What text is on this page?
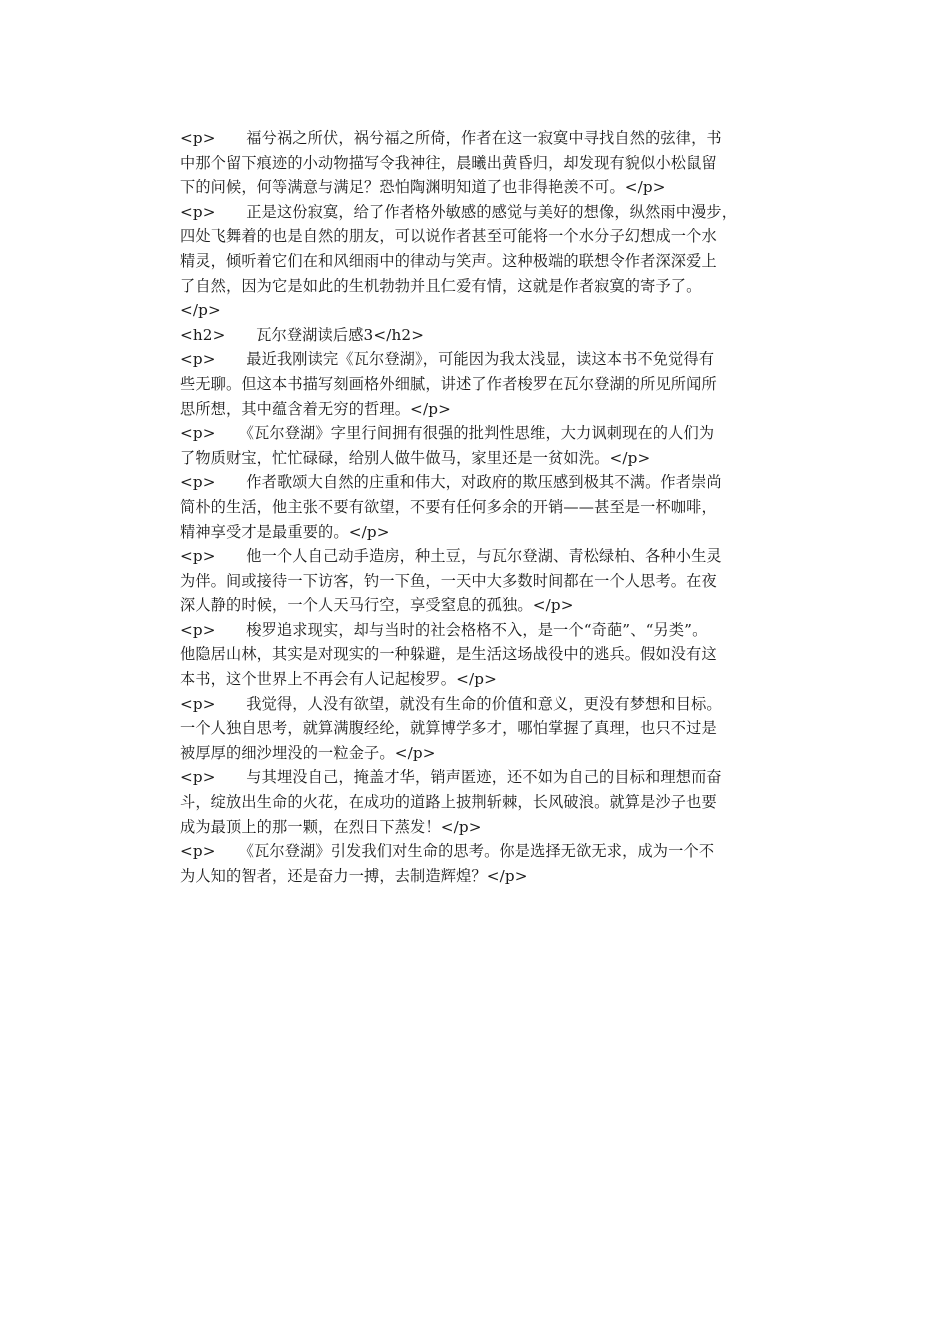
<p>　　福兮祸之所伏，祸兮福之所倚，作者在这一寂寞中寻找自然的弦律，书
中那个留下痕迹的小动物描写令我神往，晨曦出黄昏归，却发现有貌似小松鼠留
下的问候，何等满意与满足？恐怕陶渊明知道了也非得艳羡不可。</p>
<p>　　正是这份寂寞，给了作者格外敏感的感觉与美好的想像，纵然雨中漫步，
四处飞舞着的也是自然的朋友，可以说作者甚至可能将一个水分子幻想成一个水
精灵，倾听着它们在和风细雨中的律动与笑声。这种极端的联想令作者深深爱上
了自然，因为它是如此的生机勃勃并且仁爱有情，这就是作者寂寞的寄予了。
</p>
<h2>　　瓦尔登湖读后感3</h2>
<p>　　最近我刚读完《瓦尔登湖》，可能因为我太浅显，读这本书不免觉得有
些无聊。但这本书描写刻画格外细腻，讲述了作者梭罗在瓦尔登湖的所见所闻所
思所想，其中蕴含着无穷的哲理。</p>
<p>　　《瓦尔登湖》字里行间拥有很强的批判性思维，大力讽刺现在的人们为
了物质财宝，忙忙碌碌，给别人做牛做马，家里还是一贫如洗。</p>
<p>　　作者歌颂大自然的庄重和伟大，对政府的欺压感到极其不满。作者崇尚
简朴的生活，他主张不要有欲望，不要有任何多余的开销——甚至是一杯咖啡，
精神享受才是最重要的。</p>
<p>　　他一个人自己动手造房，种土豆，与瓦尔登湖、青松绿柏、各种小生灵
为伴。间或接待一下访客，钓一下鱼，一天中大多数时间都在一个人思考。在夜
深人静的时候，一个人天马行空，享受窒息的孤独。</p>
<p>　　梭罗追求现实，却与当时的社会格格不入，是一个“奇葩”、“另类”。
他隐居山林，其实是对现实的一种躲避，是生活这场战役中的逃兵。假如没有这
本书，这个世界上不再会有人记起梭罗。</p>
<p>　　我觉得，人没有欲望，就没有生命的价值和意义，更没有梦想和目标。
一个人独自思考，就算满腹经纶，就算博学多才，哪怕掌握了真理，也只不过是
被厚厚的细沙埋没的一粒金子。</p>
<p>　　与其埋没自己，掩盖才华，销声匿迹，还不如为自己的目标和理想而奋
斗，绽放出生命的火花，在成功的道路上披荆斩棘，长风破浪。就算是沙子也要
成为最顶上的那一颗，在烈日下蒸发！</p>
<p>　　《瓦尔登湖》引发我们对生命的思考。你是选择无欲无求，成为一个不
为人知的智者，还是奋力一搏，去制造辉煌？</p>
